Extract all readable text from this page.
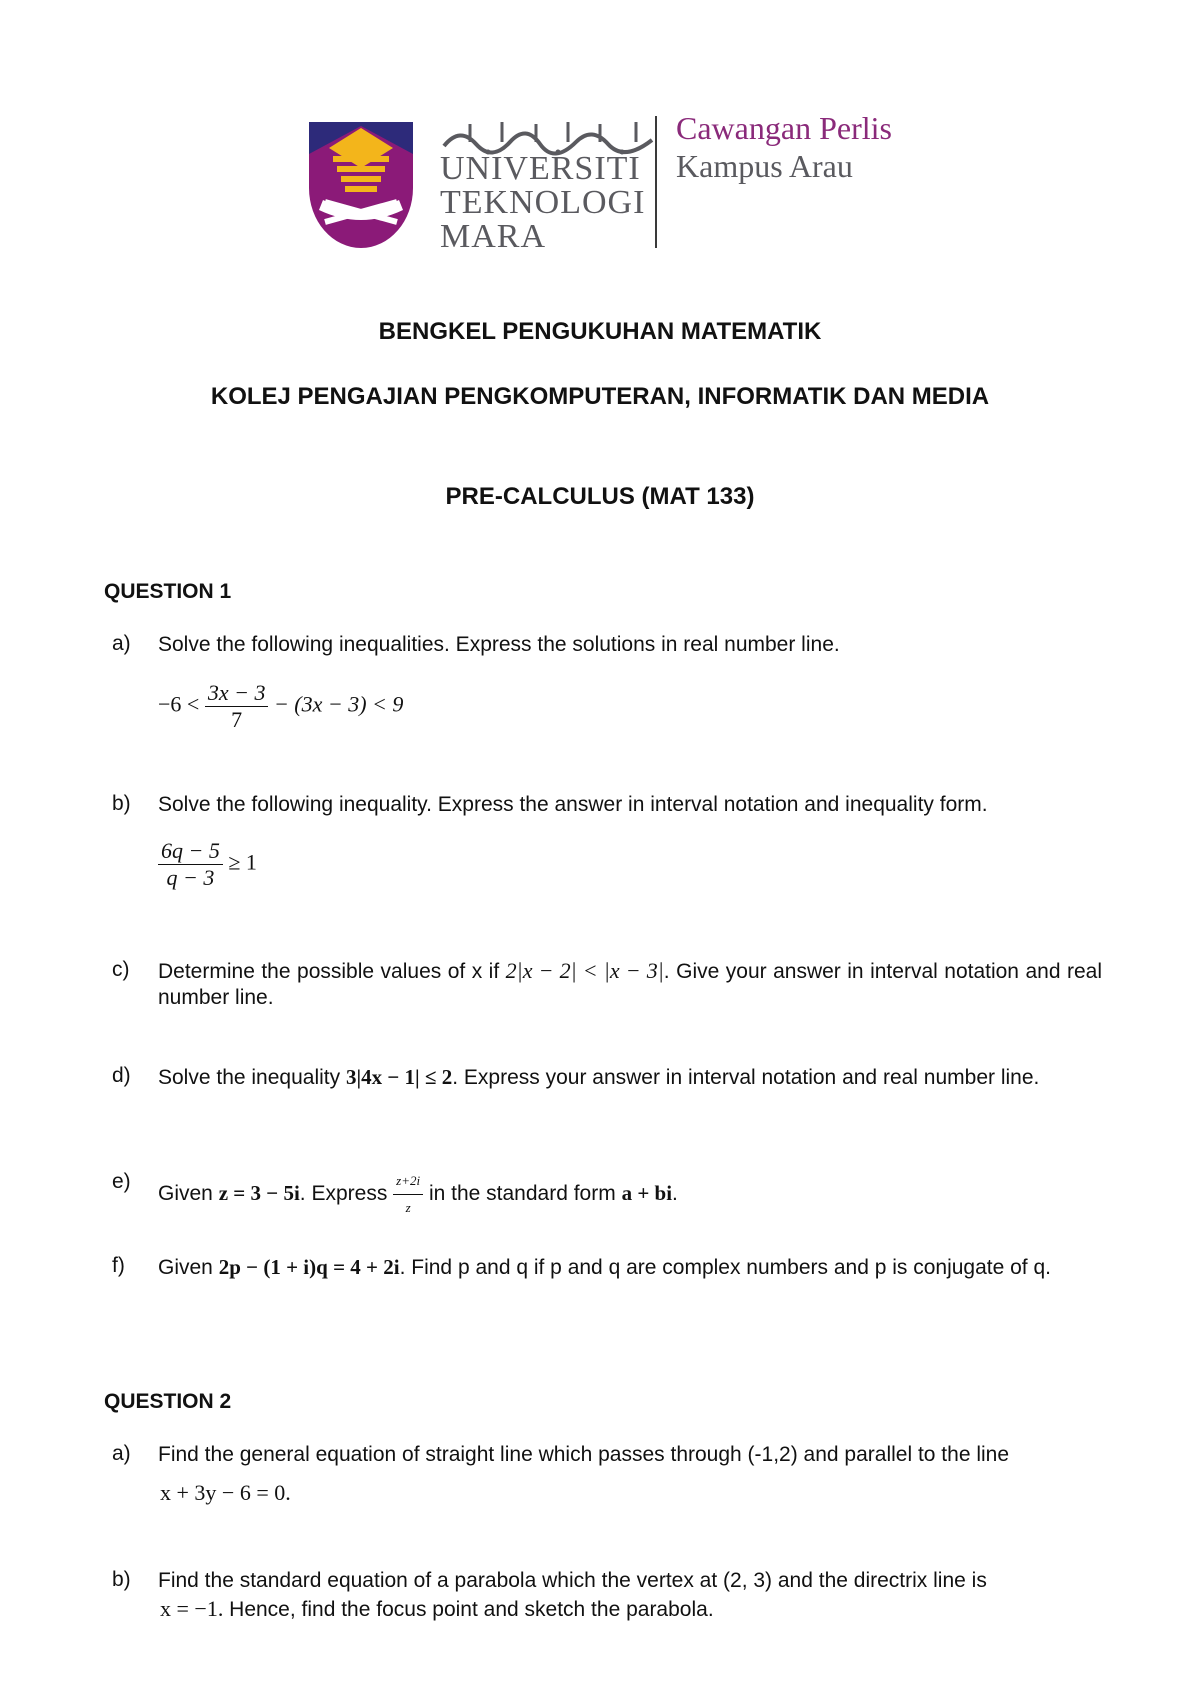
UNIVERSITI
TEKNOLOGI
MARA
Cawangan Perlis
Kampus Arau
BENGKEL PENGUKUHAN MATEMATIK
KOLEJ PENGAJIAN PENGKOMPUTERAN, INFORMATIK DAN MEDIA
PRE-CALCULUS (MAT 133)
QUESTION 1
a) Solve the following inequalities. Express the solutions in real number line.
$-6 < \frac{3x - 3}{7} - (3x - 3) < 9$
b) Solve the following inequality. Express the answer in interval notation and inequality form.
$\frac{6q - 5}{q - 3} \ge 1$
c) Determine the possible values of x if 2|x − 2| < |x − 3|. Give your answer in interval notation and real number line.
d) Solve the inequality 3|4x − 1| ≤ 2. Express your answer in interval notation and real number line.
e)
Given z = 3 − 5i. Express $\frac{z+2i}{z}$ in the standard form a + bi.
f) Given 2p − (1 + i)q = 4 + 2i. Find p and q if p and q are complex numbers and p is conjugate of q.
QUESTION 2
a) Find the general equation of straight line which passes through (-1,2) and parallel to the line
x + 3y − 6 = 0.
b) Find the standard equation of a parabola which the vertex at (2, 3) and the directrix line is
x = −1. Hence, find the focus point and sketch the parabola.
